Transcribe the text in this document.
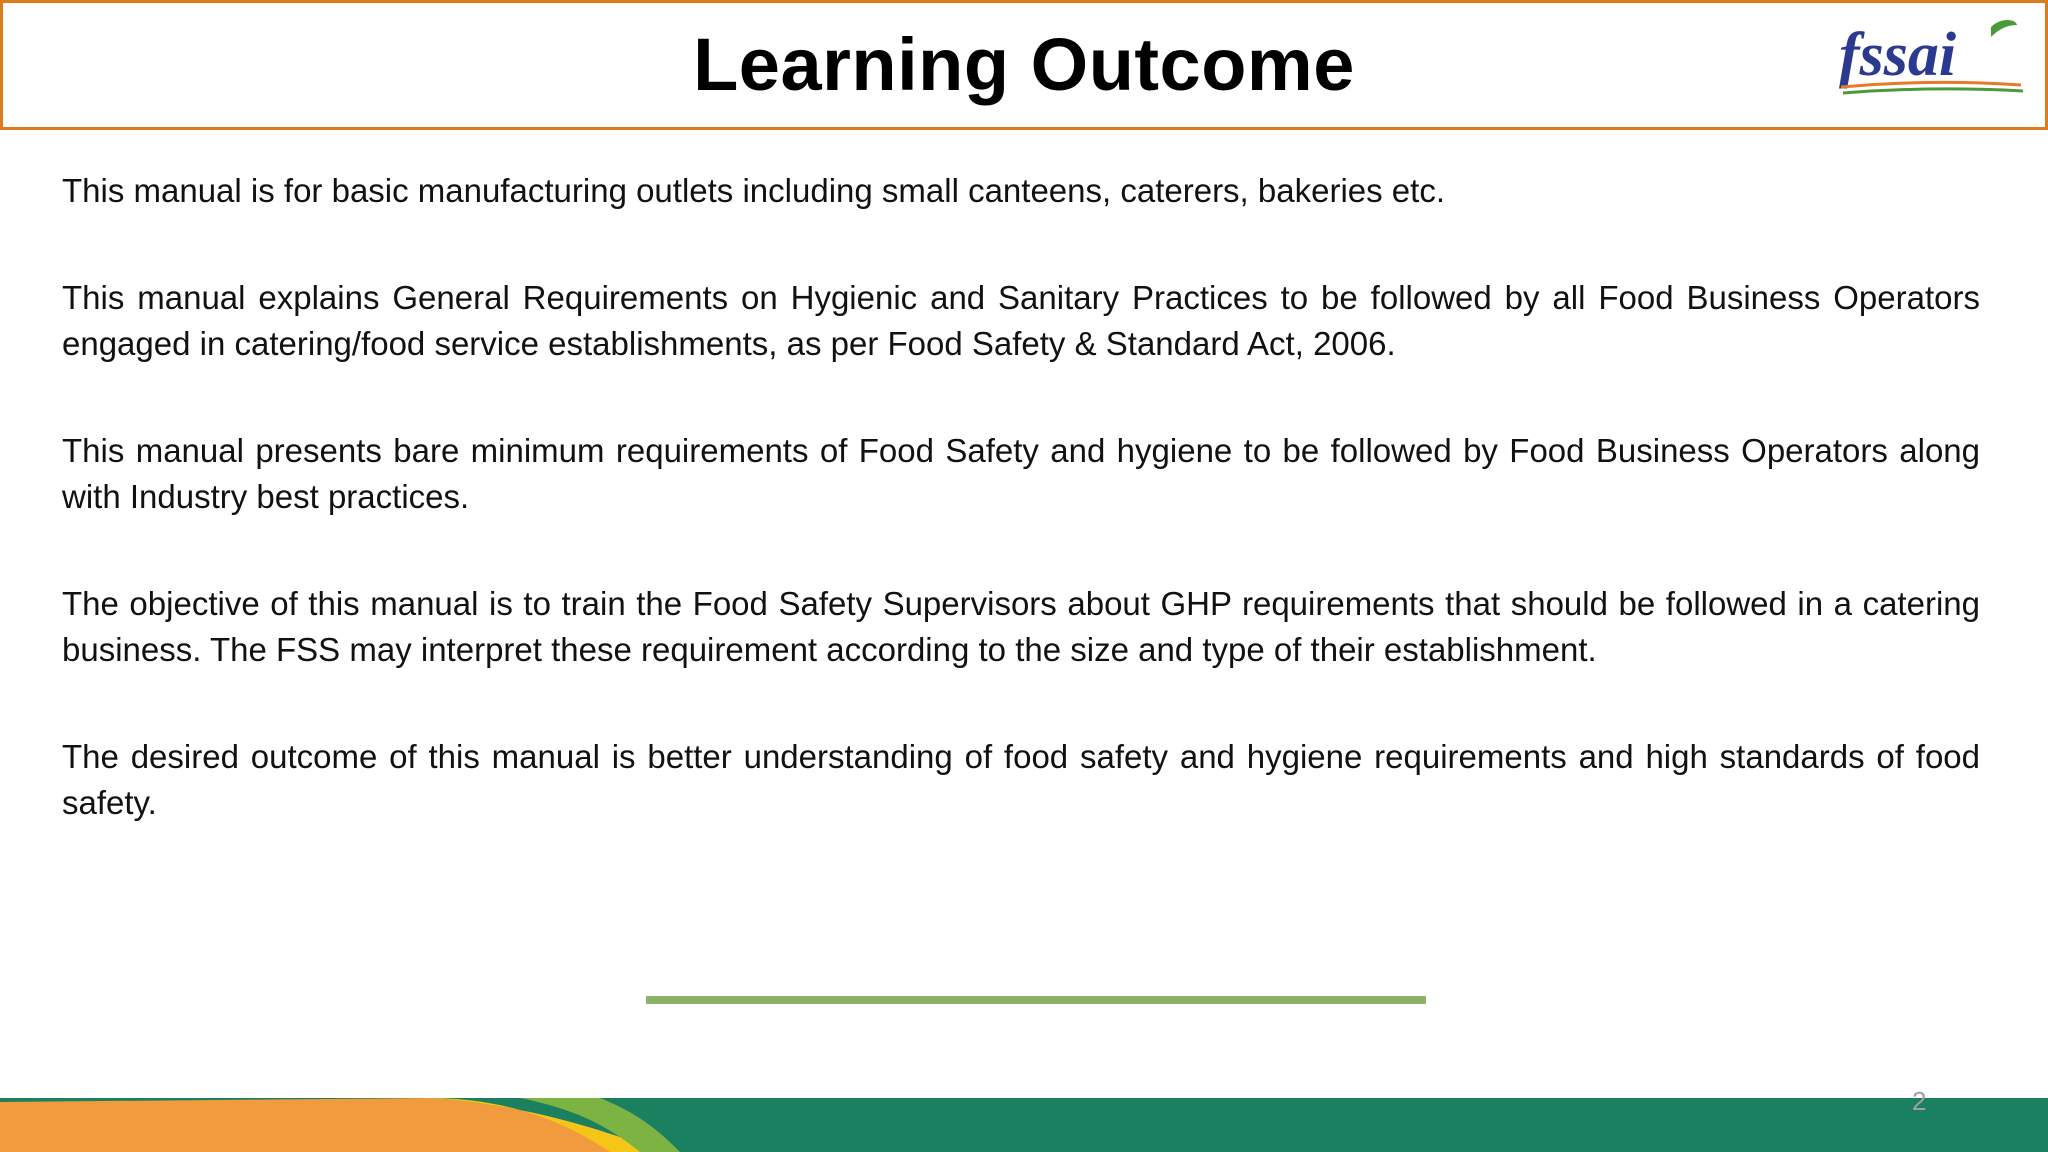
Learning Outcome	fssai

This manual is for basic manufacturing outlets including small canteens, caterers, bakeries etc.

This manual explains General Requirements on Hygienic and Sanitary Practices to be followed by all Food Business Operators engaged in catering/food service establishments, as per Food Safety & Standard Act, 2006.

This manual presents bare minimum requirements of Food Safety and hygiene to be followed by Food Business Operators along with Industry best practices.

The objective of this manual is to train the Food Safety Supervisors about GHP requirements that should be followed in a catering business. The FSS may interpret these requirement according to the size and type of their establishment.

The desired outcome of this manual is better understanding of food safety and hygiene requirements and high standards of food safety.

2
